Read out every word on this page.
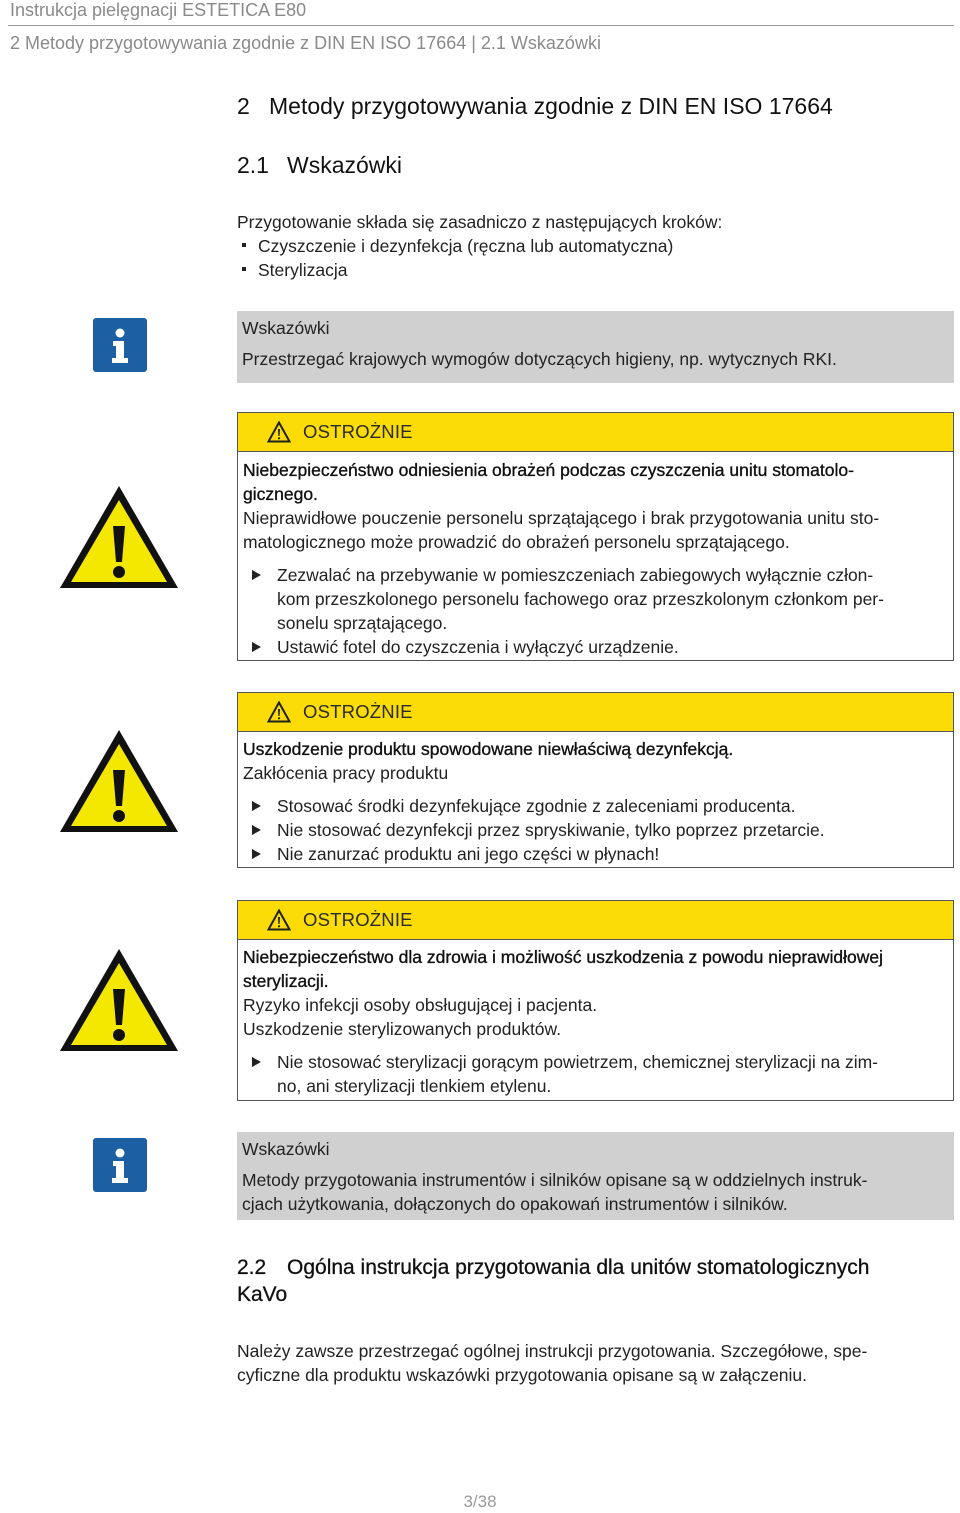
Instrukcja pielęgnacji ESTETICA E80
2 Metody przygotowywania zgodnie z DIN EN ISO 17664 | 2.1 Wskazówki
2 Metody przygotowywania zgodnie z DIN EN ISO 17664
2.1 Wskazówki
Przygotowanie składa się zasadniczo z następujących kroków:
Czyszczenie i dezynfekcja (ręczna lub automatyczna)
Sterylizacja
Wskazówki
Przestrzegać krajowych wymogów dotyczących higieny, np. wytycznych RKI.
OSTROŻNIE
Niebezpieczeństwo odniesienia obrażeń podczas czyszczenia unitu stomatolo-
gicznego.
Nieprawidłowe pouczenie personelu sprzątającego i brak przygotowania unitu sto-
matologicznego może prowadzić do obrażeń personelu sprzątającego.
Zezwalać na przebywanie w pomieszczeniach zabiegowych wyłącznie człon-
kom przeszkolonego personelu fachowego oraz przeszkolonym członkom per-
sonelu sprzątającego.
Ustawić fotel do czyszczenia i wyłączyć urządzenie.
OSTROŻNIE
Uszkodzenie produktu spowodowane niewłaściwą dezynfekcją.
Zakłócenia pracy produktu
Stosować środki dezynfekujące zgodnie z zaleceniami producenta.
Nie stosować dezynfekcji przez spryskiwanie, tylko poprzez przetarcie.
Nie zanurzać produktu ani jego części w płynach!
OSTROŻNIE
Niebezpieczeństwo dla zdrowia i możliwość uszkodzenia z powodu nieprawidłowej
sterylizacji.
Ryzyko infekcji osoby obsługującej i pacjenta.
Uszkodzenie sterylizowanych produktów.
Nie stosować sterylizacji gorącym powietrzem, chemicznej sterylizacji na zim-
no, ani sterylizacji tlenkiem etylenu.
Wskazówki
Metody przygotowania instrumentów i silników opisane są w oddzielnych instruk-
cjach użytkowania, dołączonych do opakowań instrumentów i silników.
2.2 Ogólna instrukcja przygotowania dla unitów stomatologicznych
KaVo
Należy zawsze przestrzegać ogólnej instrukcji przygotowania. Szczegółowe, spe-
cyficzne dla produktu wskazówki przygotowania opisane są w załączeniu.
3/38
